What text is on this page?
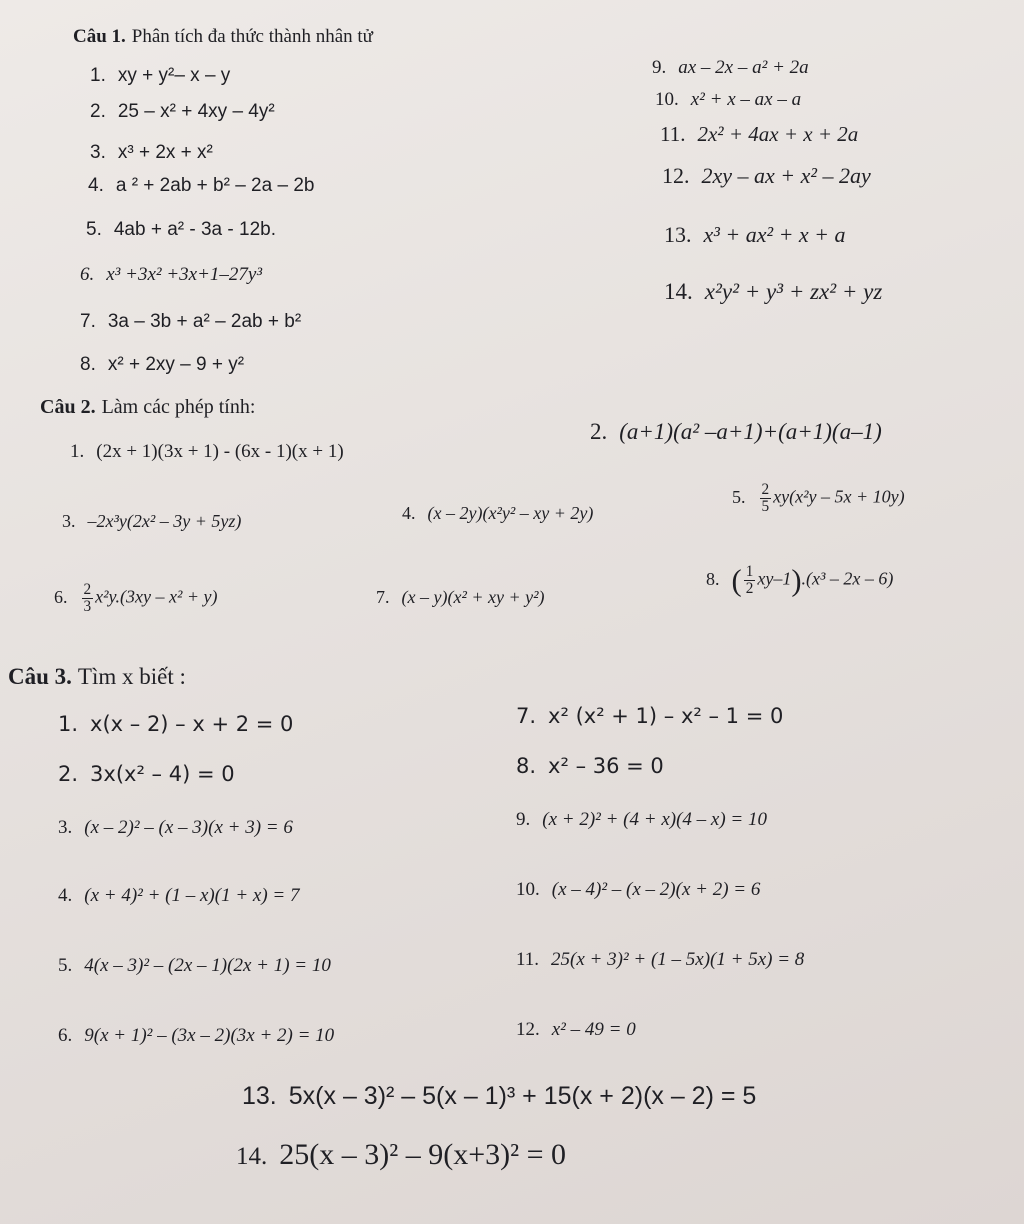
Câu 1. Phân tích đa thức thành nhân tử
1. xy + y²– x – y
2. 25 – x² + 4xy – 4y²
3. x³ + 2x + x²
4. a ² + 2ab + b² – 2a – 2b
5. 4ab + a² - 3a - 12b.
6. x³ +3x² +3x+1–27y³
7. 3a – 3b + a² – 2ab + b²
8. x² + 2xy – 9 + y²
9. ax – 2x – a² + 2a
10. x² + x – ax – a
11. 2x² + 4ax + x + 2a
12. 2xy – ax + x² – 2ay
13. x³ + ax² + x + a
14. x²y² + y³ + zx² + yz
Câu 2. Làm các phép tính:
1. (2x + 1)(3x + 1) - (6x - 1)(x + 1)
2. (a+1)(a² –a+1)+(a+1)(a–1)
3. –2x³y(2x² – 3y + 5yz)	4. (x – 2y)(x²y² – xy + 2y)
5. $\frac{2}{5} xy(x^2y - 5x + 10y)$
6. $\frac{2}{3} x^2y.(3xy - x^2 + y)$	7. (x – y)(x² + xy + y²)
8. ( $\frac{1}{2} xy-1).(x^3 - 2x - 6)$
Câu 3. Tìm x biết :
1. x(x – 2) – x + 2 = 0
2. 3x(x² – 4) = 0
3. (x – 2)² – (x – 3)(x + 3) = 6
4. (x + 4)² + (1 – x)(1 + x) = 7
5. 4(x – 3)² – (2x – 1)(2x + 1) = 10
6. 9(x + 1)² – (3x – 2)(3x + 2) = 10
7. x² (x² + 1) – x² – 1 = 0
8. x² – 36 = 0
9. (x + 2)² + (4 + x)(4 – x) = 10
10. (x – 4)² – (x – 2)(x + 2) = 6
11. 25(x + 3)² + (1 – 5x)(1 + 5x) = 8
12. x² – 49 = 0
13. 5x(x – 3)² – 5(x – 1)³ + 15(x + 2)(x – 2) = 5
14. 25(x – 3)² – 9(x+3)² = 0
